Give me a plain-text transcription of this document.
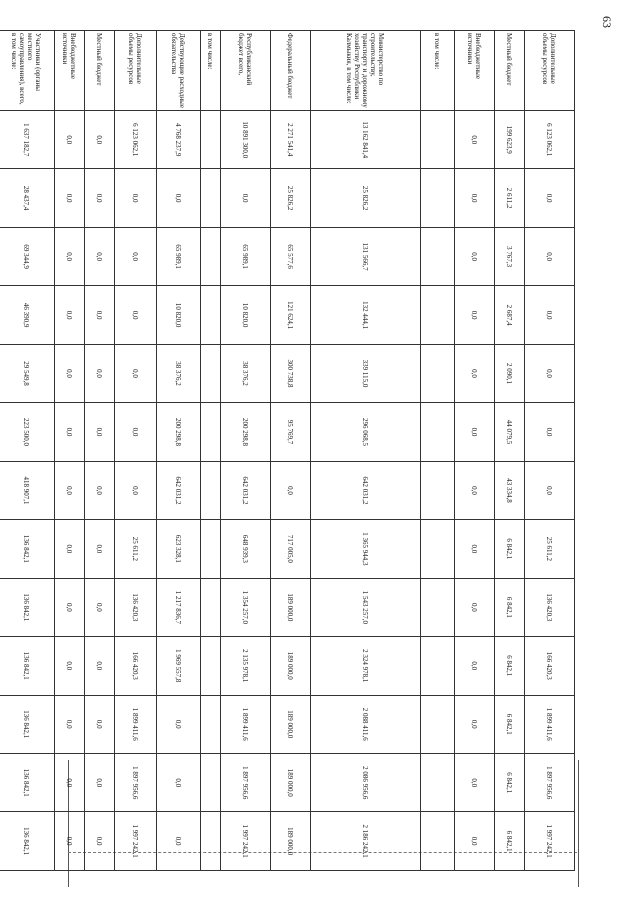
63
Дополнительные объемы ресурсов	6 123 062,1	0,0	0,0	0,0	0,0	0,0	0,0	25 611,2	136 420,3	166 420,3	1 899 411,6	1 897 956,6	1 997 242,1
Местный бюджет	199 623,9	2 611,2	3 767,3	2 687,4	2 090,1	44 079,5	43 334,8	6 842,1	6 842,1	6 842,1	6 842,1	6 842,1	6 842,1
Внебюджетные источники	0,0	0,0	0,0	0,0	0,0	0,0	0,0	0,0	0,0	0,0	0,0	0,0	0,0
в том числе:													
Министерство по строительству, транспорту и дорожному хозяйству Республики Калмыкия, в том числе:	13 162 841,4	25 826,2	131 566,7	132 444,1	339 115,0	296 068,5	642 031,2	1 365 944,3	1 543 257,0	2 324 978,1	2 088 411,6	2 086 956,6	2 186 242,1
Федеральный бюджет	2 271 541,4	25 826,2	65 577,6	121 624,1	300 738,8	95 769,7	0,0	717 005,0	189 000,0	189 000,0	189 000,0	189 000,0	189 000,0
Республиканский бюджет всего,	10 891 300,0	0,0	65 989,1	10 820,0	38 376,2	200 298,8	642 031,2	648 939,3	1 354 257,0	2 135 978,1	1 899 411,6	1 897 956,6	1 997 242,1
в том числе:													
Действующие расходные обязательства	4 768 237,9	0,0	65 989,1	10 820,0	38 376,2	200 298,8	642 031,2	623 328,1	1 217 836,7	1 969 557,8	0,0	0,0	0,0
Дополнительные объемы ресурсов	6 123 062,1	0,0	0,0	0,0	0,0	0,0	0,0	25 611,2	136 420,3	166 420,3	1 899 411,6	1 897 956,6	1 997 242,1
Местный бюджет	0,0	0,0	0,0	0,0	0,0	0,0	0,0	0,0	0,0	0,0	0,0	0,0	0,0
Внебюджетные источники	0,0	0,0	0,0	0,0	0,0	0,0	0,0	0,0	0,0	0,0	0,0	0,0	0,0
Участники (органы местного самоуправления), всего, в том числе:	1 637 182,7	28 437,4	69 344,9	46 390,9	29 549,8	223 500,0	418 907,1	136 842,1	136 842,1	136 842,1	136 842,1	136 842,1	136 842,1
